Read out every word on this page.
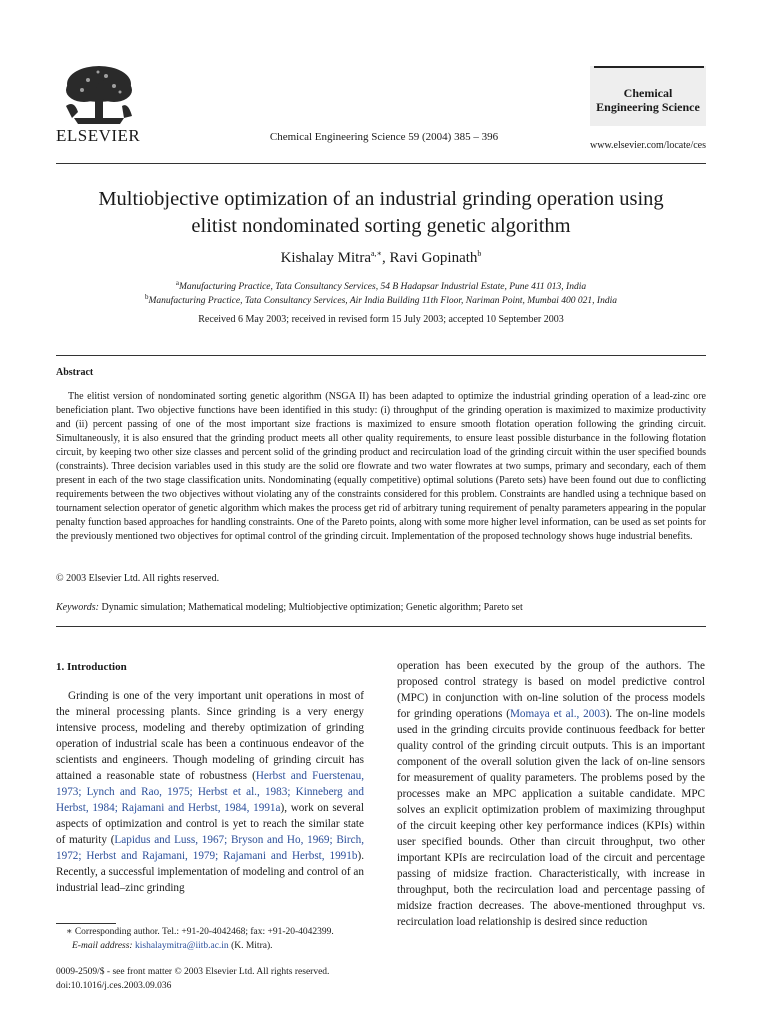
ELSEVIER	Chemical Engineering Science 59 (2004) 385 – 396
Chemical
Engineering Science
www.elsevier.com/locate/ces
Multiobjective optimization of an industrial grinding operation using
elitist nondominated sorting genetic algorithm
Kishalay Mitra$^{a,∗}$, Ravi Gopinath$^b$
$^a$Manufacturing Practice, Tata Consultancy Services, 54 B Hadapsar Industrial Estate, Pune 411 013, India
$^b$Manufacturing Practice, Tata Consultancy Services, Air India Building 11th Floor, Nariman Point, Mumbai 400 021, India
Received 6 May 2003; received in revised form 15 July 2003; accepted 10 September 2003
Abstract

The elitist version of nondominated sorting genetic algorithm (NSGA II) has been adapted to optimize the industrial grinding operation of a lead-zinc ore beneficiation plant. Two objective functions have been identified in this study: (i) throughput of the grinding operation is maximized to maximize productivity and (ii) percent passing of one of the most important size fractions is maximized to ensure smooth flotation operation following the grinding circuit. Simultaneously, it is also ensured that the grinding product meets all other quality requirements, to ensure least possible disturbance in the following flotation circuit, by keeping two other size classes and percent solid of the grinding product and recirculation load of the grinding circuit within the user specified bounds (constraints). Three decision variables used in this study are the solid ore flowrate and two water flowrates at two sumps, primary and secondary, each of them present in each of the two stage classification units. Nondominating (equally competitive) optimal solutions (Pareto sets) have been found out due to conflicting requirements between the two objectives without violating any of the constraints considered for this problem. Constraints are handled using a technique based on tournament selection operator of genetic algorithm which makes the process get rid of arbitrary tuning requirement of penalty parameters appearing in the popular penalty function based approaches for handling constraints. One of the Pareto points, along with some more higher level information, can be used as set points for the previously mentioned two objectives for optimal control of the grinding circuit. Implementation of the proposed technology shows huge industrial benefits.

© 2003 Elsevier Ltd. All rights reserved.
Keywords: Dynamic simulation; Mathematical modeling; Multiobjective optimization; Genetic algorithm; Pareto set
1. Introduction

Grinding is one of the very important unit operations in most of the mineral processing plants. Since grinding is a very energy intensive process, modeling and thereby optimization of grinding operation of industrial scale has been a continuous endeavor of the scientists and engineers. Though modeling of grinding circuit has attained a reasonable state of robustness (Herbst and Fuerstenau, 1973; Lynch and Rao, 1975; Herbst et al., 1983; Kinneberg and Herbst, 1984; Rajamani and Herbst, 1984, 1991a), work on several aspects of optimization and control is yet to reach the similar state of maturity (Lapidus and Luss, 1967; Bryson and Ho, 1969; Birch, 1972; Herbst and Rajamani, 1979; Rajamani and Herbst, 1991b). Recently, a successful implementation of modeling and control of an industrial lead–zinc grinding

operation has been executed by the group of the authors. The proposed control strategy is based on model predictive control (MPC) in conjunction with on-line solution of the process models for grinding operations (Momaya et al., 2003). The on-line models used in the grinding circuits provide continuous feedback for better quality control of the grinding circuit outputs. This is an important component of the overall solution given the lack of on-line sensors for measurement of quality parameters. The problems posed by the processes make an MPC application a suitable candidate. MPC solves an explicit optimization problem of maximizing throughput of the circuit keeping other key performance indices (KPIs) within user specified bounds. Other than circuit throughput, two other important KPIs are recirculation load of the circuit and percentage passing of midsize fraction. Characteristically, with increase in throughput, both the recirculation load and percentage passing of midsize fraction decreases. The above-mentioned throughput vs. recirculation load relationship is desired since reduction

∗ Corresponding author. Tel.: +91-20-4042468; fax: +91-20-4042399.
E-mail address: kishalaymitra@iitb.ac.in (K. Mitra).
0009-2509/$ - see front matter © 2003 Elsevier Ltd. All rights reserved.
doi:10.1016/j.ces.2003.09.036
